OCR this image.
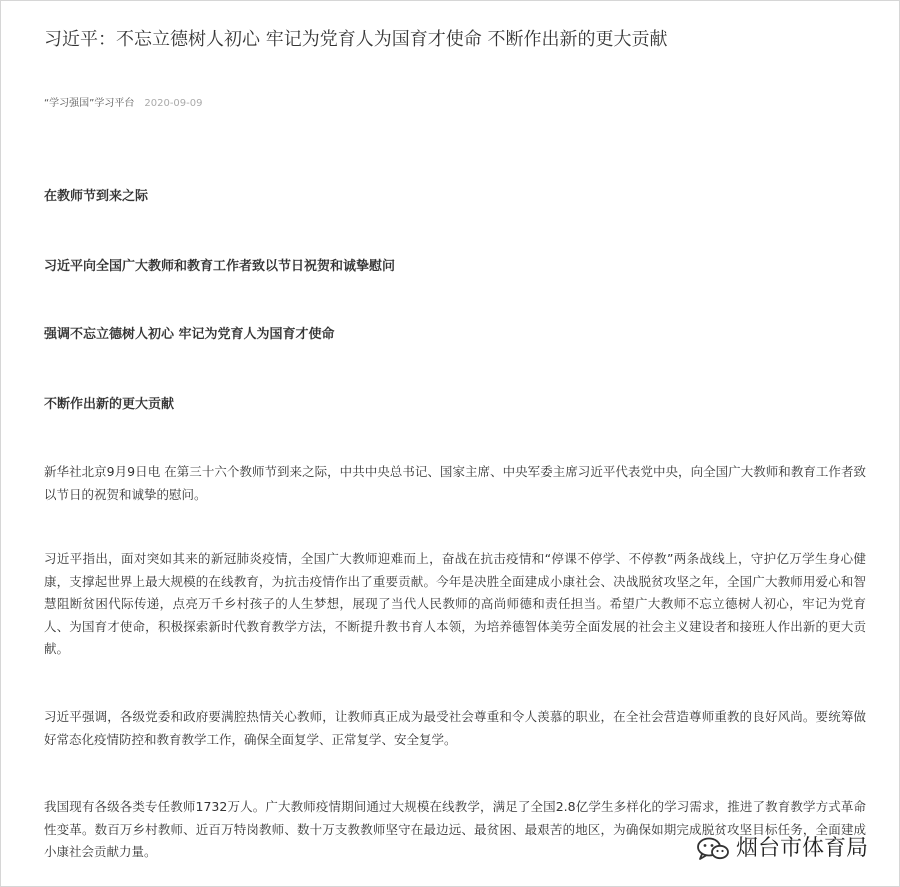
习近平：不忘立德树人初心 牢记为党育人为国育才使命 不断作出新的更大贡献
“学习强国”学习平台 2020-09-09
在教师节到来之际
习近平向全国广大教师和教育工作者致以节日祝贺和诚挚慰问
强调不忘立德树人初心 牢记为党育人为国育才使命
不断作出新的更大贡献

新华社北京9月9日电 在第三十六个教师节到来之际，中共中央总书记、国家主席、中央军委主席习近平代表党中央，向全国广大教师和教育工作者致以节日的祝贺和诚挚的慰问。

习近平指出，面对突如其来的新冠肺炎疫情，全国广大教师迎难而上，奋战在抗击疫情和“停课不停学、不停教”两条战线上，守护亿万学生身心健康，支撑起世界上最大规模的在线教育，为抗击疫情作出了重要贡献。今年是决胜全面建成小康社会、决战脱贫攻坚之年，全国广大教师用爱心和智慧阻断贫困代际传递，点亮万千乡村孩子的人生梦想，展现了当代人民教师的高尚师德和责任担当。希望广大教师不忘立德树人初心，牢记为党育人、为国育才使命，积极探索新时代教育教学方法，不断提升教书育人本领，为培养德智体美劳全面发展的社会主义建设者和接班人作出新的更大贡献。

习近平强调，各级党委和政府要满腔热情关心教师，让教师真正成为最受社会尊重和令人羡慕的职业，在全社会营造尊师重教的良好风尚。要统筹做好常态化疫情防控和教育教学工作，确保全面复学、正常复学、安全复学。

我国现有各级各类专任教师1732万人。广大教师疫情期间通过大规模在线教学，满足了全国2.8亿学生多样化的学习需求，推进了教育教学方式革命性变革。数百万乡村教师、近百万特岗教师、数十万支教教师坚守在最边远、最贫困、最艰苦的地区，为确保如期完成脱贫攻坚目标任务，全面建成小康社会贡献力量。	烟台市体育局
